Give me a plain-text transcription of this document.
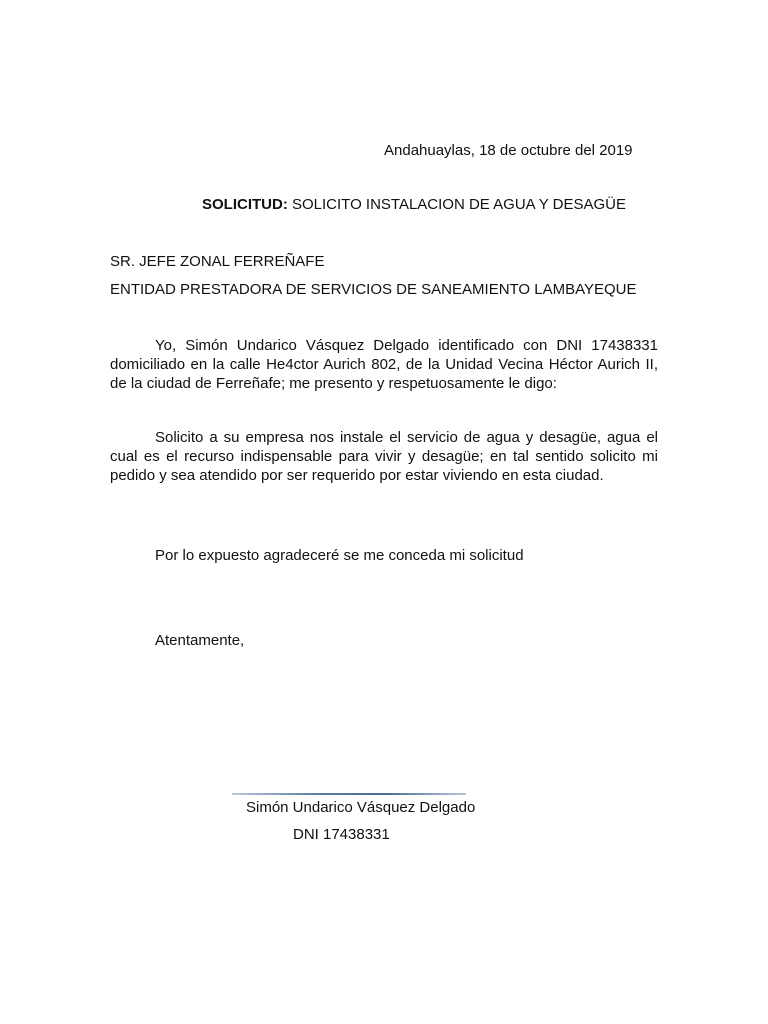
Andahuaylas, 18 de octubre del 2019
SOLICITUD: SOLICITO INSTALACION DE AGUA Y DESAGÜE
SR. JEFE ZONAL FERREÑAFE
ENTIDAD PRESTADORA DE SERVICIOS DE SANEAMIENTO LAMBAYEQUE
Yo, Simón Undarico Vásquez Delgado identificado con DNI 17438331 domiciliado en la calle He4ctor Aurich 802, de la Unidad Vecina Héctor Aurich II, de la ciudad de Ferreñafe; me presento y respetuosamente le digo:
Solicito a su empresa nos instale el servicio de agua y desagüe, agua el cual es el recurso indispensable para vivir y desagüe; en tal sentido solicito mi pedido y sea atendido por ser requerido por estar viviendo en esta ciudad.
Por lo expuesto agradeceré se me conceda mi solicitud
Atentamente,
Simón Undarico Vásquez Delgado
DNI 17438331
